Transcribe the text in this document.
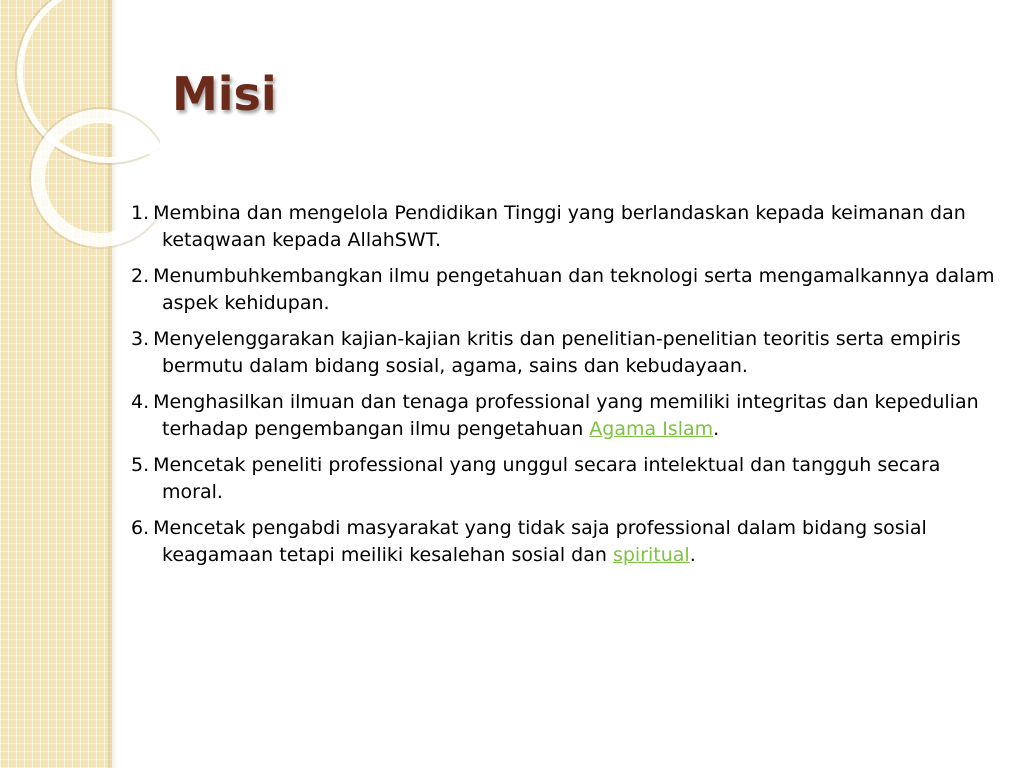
Misi
1. Membina dan mengelola Pendidikan Tinggi yang berlandaskan kepada keimanan dan ketaqwaan kepada AllahSWT.
2. Menumbuhkembangkan ilmu pengetahuan dan teknologi serta mengamalkannya dalam aspek kehidupan.
3. Menyelenggarakan kajian-kajian kritis dan penelitian-penelitian teoritis serta empiris bermutu dalam bidang sosial, agama, sains dan kebudayaan.
4. Menghasilkan ilmuan dan tenaga professional yang memiliki integritas dan kepedulian terhadap pengembangan ilmu pengetahuan Agama Islam.
5. Mencetak peneliti professional yang unggul secara intelektual dan tangguh secara moral.
6. Mencetak pengabdi masyarakat yang tidak saja professional dalam bidang sosial keagamaan tetapi meiliki kesalehan sosial dan spiritual.
